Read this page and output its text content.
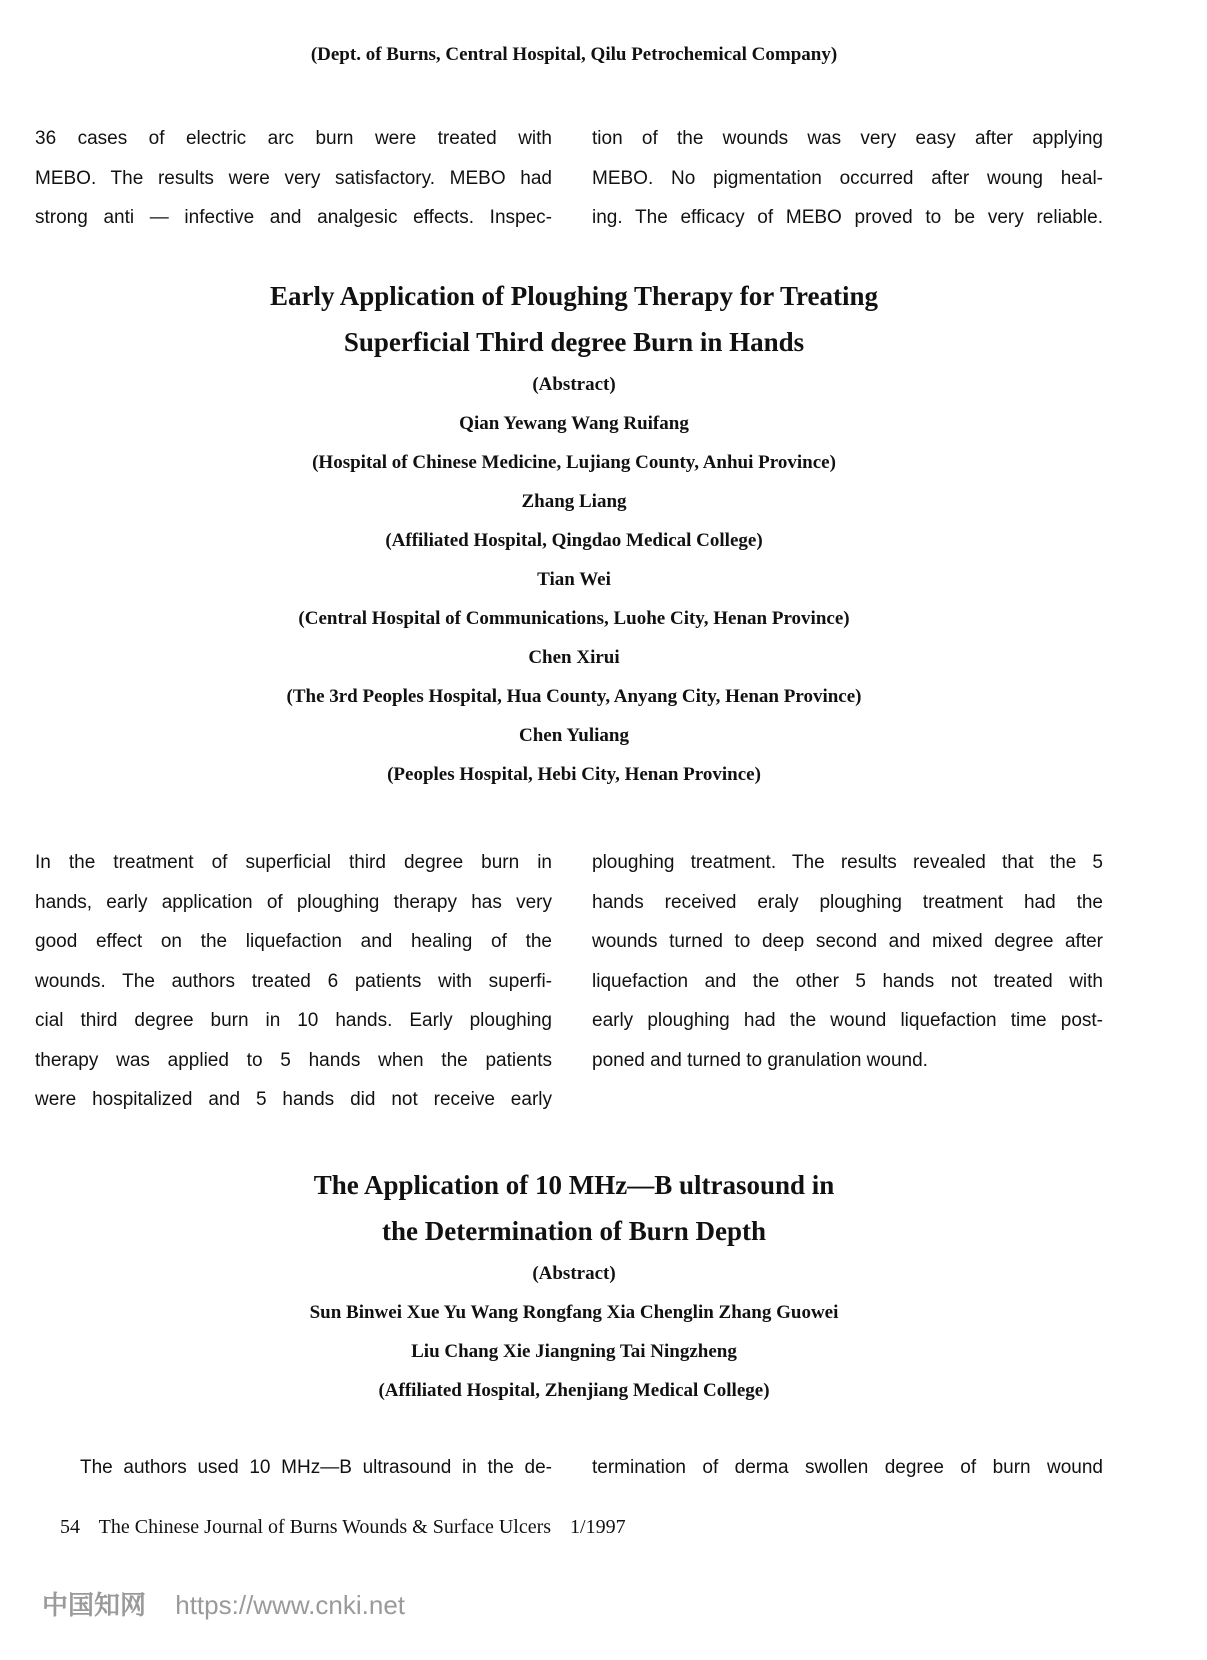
(Dept. of Burns, Central Hospital, Qilu Petrochemical Company)
36 cases of electric arc burn were treated with
MEBO. The results were very satisfactory. MEBO had
strong anti — infective and analgesic effects. Inspec-
tion of the wounds was very easy after applying
MEBO. No pigmentation occurred after woung heal-
ing. The efficacy of MEBO proved to be very reliable.
Early Application of Ploughing Therapy for Treating
Superficial Third degree Burn in Hands
(Abstract)
Qian Yewang Wang Ruifang
(Hospital of Chinese Medicine, Lujiang County, Anhui Province)
Zhang Liang
(Affiliated Hospital, Qingdao Medical College)
Tian Wei
(Central Hospital of Communications, Luohe City, Henan Province)
Chen Xirui
(The 3rd Peoples Hospital, Hua County, Anyang City, Henan Province)
Chen Yuliang
(Peoples Hospital, Hebi City, Henan Province)
In the treatment of superficial third degree burn in
hands, early application of ploughing therapy has very
good effect on the liquefaction and healing of the
wounds. The authors treated 6 patients with superfi-
cial third degree burn in 10 hands. Early ploughing
therapy was applied to 5 hands when the patients
were hospitalized and 5 hands did not receive early
ploughing treatment. The results revealed that the 5
hands received eraly ploughing treatment had the
wounds turned to deep second and mixed degree after
liquefaction and the other 5 hands not treated with
early ploughing had the wound liquefaction time post-
poned and turned to granulation wound.
The Application of 10 MHz—B ultrasound in
the Determination of Burn Depth
(Abstract)
Sun Binwei Xue Yu Wang Rongfang Xia Chenglin Zhang Guowei
Liu Chang Xie Jiangning Tai Ningzheng
(Affiliated Hospital, Zhenjiang Medical College)
The authors used 10 MHz—B ultrasound in the de- termination of derma swollen degree of burn wound
54 The Chinese Journal of Burns Wounds & Surface Ulcers 1/1997
中国知网 https://www.cnki.net
